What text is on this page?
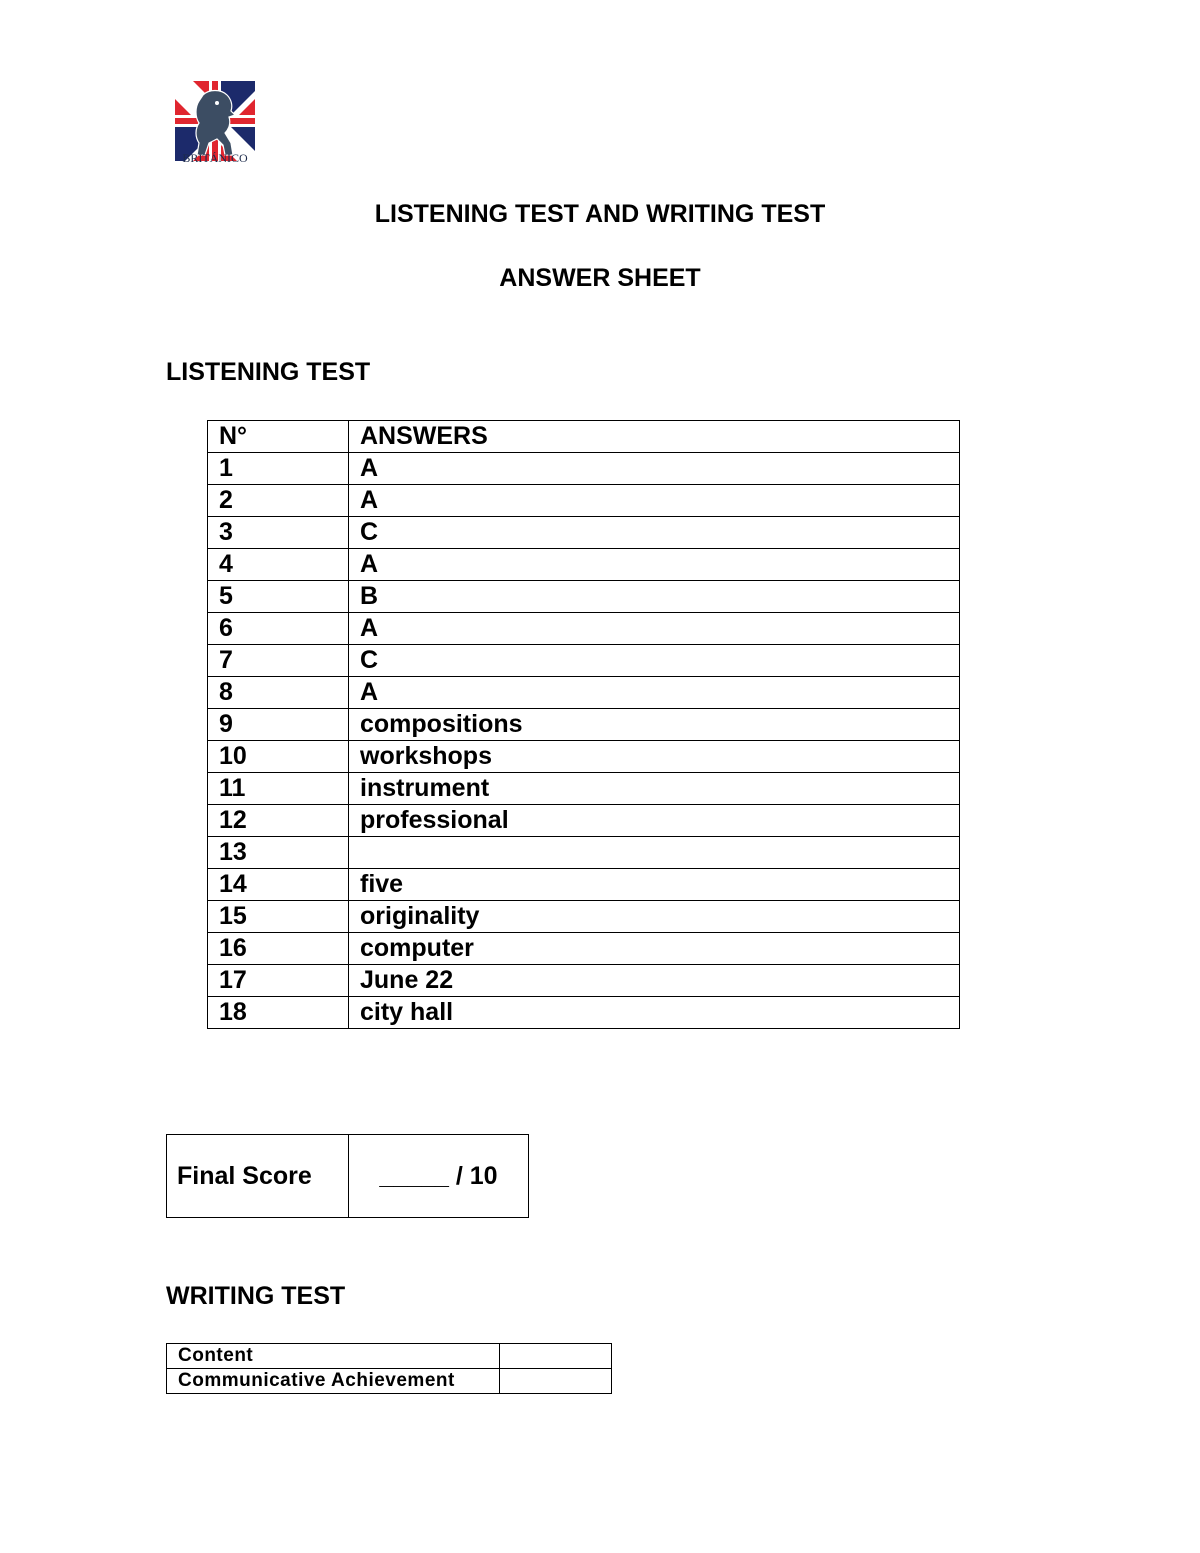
BRITÁNICO
LISTENING TEST AND WRITING TEST
ANSWER SHEET
LISTENING TEST
N°	ANSWERS
1	A
2	A
3	C
4	A
5	B
6	A
7	C
8	A
9	compositions
10	workshops
11	instrument
12	professional
13	
14	five
15	originality
16	computer
17	June 22
18	city hall
Final Score	_____ / 10
WRITING TEST
Content	
Communicative Achievement	
